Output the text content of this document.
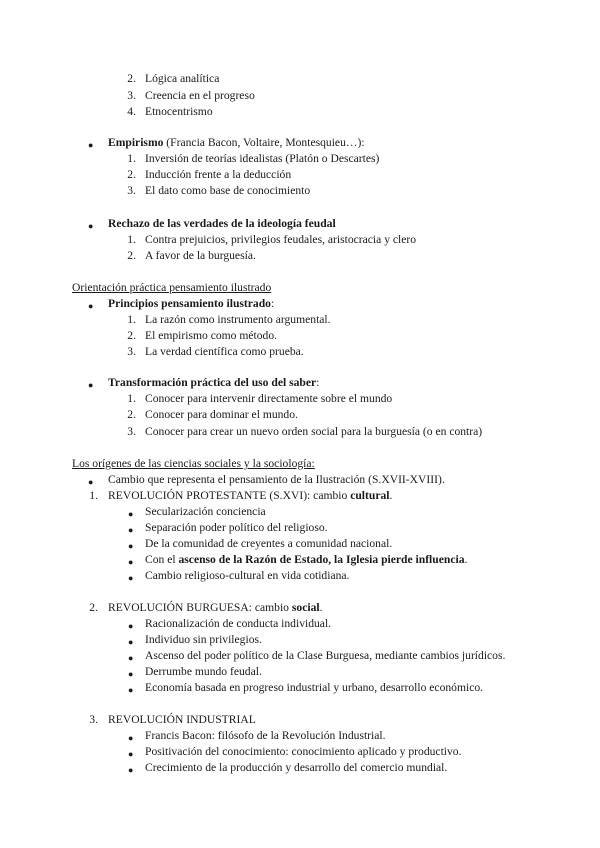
2. Lógica analítica
3. Creencia en el progreso
4. Etnocentrismo
● Empirismo (Francia Bacon, Voltaire, Montesquieu…):
1. Inversión de teorías idealistas (Platón o Descartes)
2. Inducción frente a la deducción
3. El dato como base de conocimiento
● Rechazo de las verdades de la ideología feudal
1. Contra prejuicios, privilegios feudales, aristocracia y clero
2. A favor de la burguesía.
Orientación práctica pensamiento ilustrado
● Principios pensamiento ilustrado:
1. La razón como instrumento argumental.
2. El empirismo como método.
3. La verdad científica como prueba.
● Transformación práctica del uso del saber:
1. Conocer para intervenir directamente sobre el mundo
2. Conocer para dominar el mundo.
3. Conocer para crear un nuevo orden social para la burguesía (o en contra)
Los orígenes de las ciencias sociales y la sociología:
● Cambio que representa el pensamiento de la Ilustración (S.XVII-XVIII).
1. REVOLUCIÓN PROTESTANTE (S.XVI): cambio cultural.
● Secularización conciencia
● Separación poder político del religioso.
● De la comunidad de creyentes a comunidad nacional.
● Con el ascenso de la Razón de Estado, la Iglesia pierde influencia.
● Cambio religioso-cultural en vida cotidiana.
2. REVOLUCIÓN BURGUESA: cambio social.
● Racionalización de conducta individual.
● Individuo sin privilegios.
● Ascenso del poder político de la Clase Burguesa, mediante cambios jurídicos.
● Derrumbe mundo feudal.
● Economía basada en progreso industrial y urbano, desarrollo económico.
3. REVOLUCIÓN INDUSTRIAL
● Francis Bacon: filósofo de la Revolución Industrial.
● Positivación del conocimiento: conocimiento aplicado y productivo.
● Crecimiento de la producción y desarrollo del comercio mundial.
